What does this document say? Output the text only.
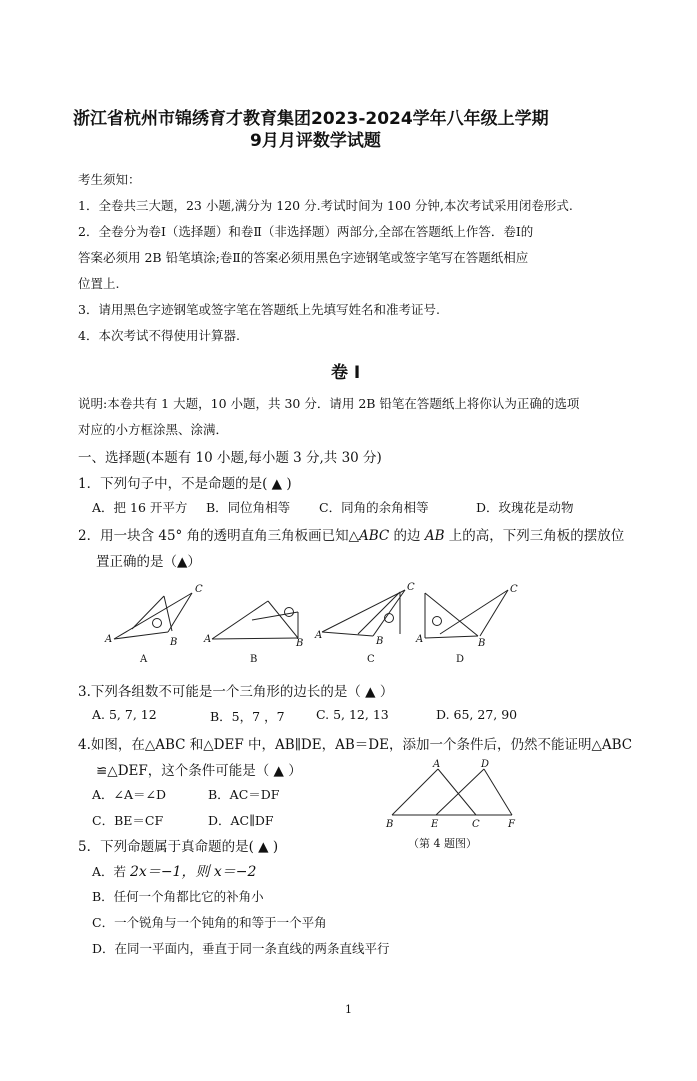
浙江省杭州市锦绣育才教育集团2023-2024学年八年级上学期
9月月评数学试题
考生须知：
1．全卷共三大题，23 小题,满分为 120 分.考试时间为 100 分钟,本次考试采用闭卷形式.
2．全卷分为卷Ⅰ（选择题）和卷Ⅱ（非选择题）两部分,全部在答题纸上作答．卷Ⅰ的
答案必须用 2B 铅笔填涂;卷Ⅱ的答案必须用黑色字迹钢笔或签字笔写在答题纸相应
位置上.
3．请用黑色字迹钢笔或签字笔在答题纸上先填写姓名和准考证号.
4．本次考试不得使用计算器.
卷 Ⅰ
说明:本卷共有 1 大题，10 小题，共 30 分．请用 2B 铅笔在答题纸上将你认为正确的选项
对应的小方框涂黑、涂满．
一、选择题(本题有 10 小题,每小题 3 分,共 30 分)
1．下列句子中，不是命题的是( ▲ )
A．把 16 开平方 B．同位角相等 C．同角的余角相等	D．玫瑰花是动物
2．用一块含 45° 角的透明直角三角板画已知△ABC 的边 AB 上的高，下列三角板的摆放位
置正确的是（▲）
A	B
C
A	B
A
B
C
A	B
C
A	B	C	D
3.下列各组数不可能是一个三角形的边长的是（ ▲ ）
A. 5, 7, 12	B．5，7 ，7	C. 5, 12, 13	D. 65, 27, 90
4.如图，在△ABC 和△DEF 中，AB∥DE，AB＝DE，添加一个条件后，仍然不能证明△ABC
≌△DEF，这个条件可能是（ ▲ ）
A．∠A＝∠D	B．AC＝DF
C．BE＝CF	D．AC∥DF
A	D
B	E	C	F
（第 4 题图）
5．下列命题属于真命题的是( ▲ )
A．若 2x＝−1，则 x＝−2
B．任何一个角都比它的补角小
C．一个锐角与一个钝角的和等于一个平角
D．在同一平面内，垂直于同一条直线的两条直线平行
1
